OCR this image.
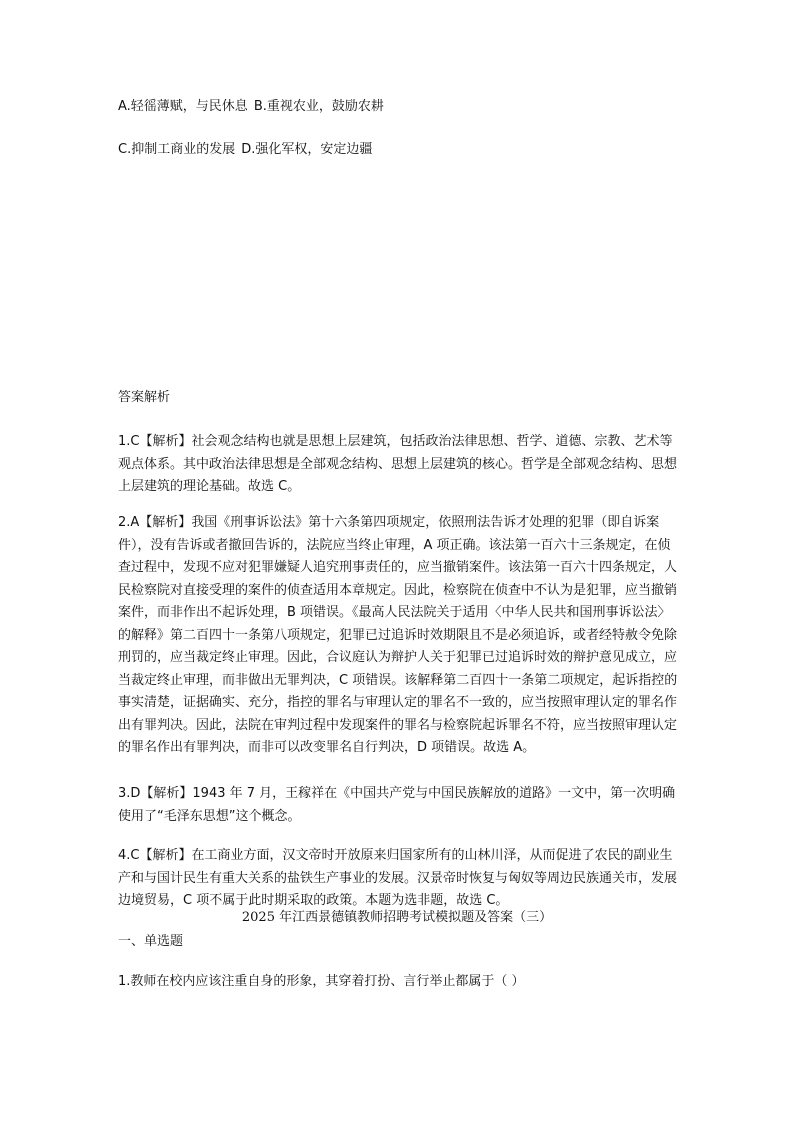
A.轻徭薄赋，与民休息 B.重视农业，鼓励农耕

C.抑制工商业的发展 D.强化军权，安定边疆

答案解析

1.C【解析】社会观念结构也就是思想上层建筑，包括政治法律思想、哲学、道德、宗教、艺术等观点体系。其中政治法律思想是全部观念结构、思想上层建筑的核心。哲学是全部观念结构、思想上层建筑的理论基础。故选 C。

2.A【解析】我国《刑事诉讼法》第十六条第四项规定，依照刑法告诉才处理的犯罪（即自诉案件），没有告诉或者撤回告诉的，法院应当终止审理，A 项正确。该法第一百六十三条规定，在侦查过程中，发现不应对犯罪嫌疑人追究刑事责任的，应当撤销案件。该法第一百六十四条规定，人民检察院对直接受理的案件的侦查适用本章规定。因此，检察院在侦查中不认为是犯罪，应当撤销案件，而非作出不起诉处理，B 项错误。《最高人民法院关于适用〈中华人民共和国刑事诉讼法〉的解释》第二百四十一条第八项规定，犯罪已过追诉时效期限且不是必须追诉，或者经特赦令免除刑罚的，应当裁定终止审理。因此，合议庭认为辩护人关于犯罪已过追诉时效的辩护意见成立，应当裁定终止审理，而非做出无罪判决，C 项错误。该解释第二百四十一条第二项规定，起诉指控的事实清楚，证据确实、充分，指控的罪名与审理认定的罪名不一致的，应当按照审理认定的罪名作出有罪判决。因此，法院在审判过程中发现案件的罪名与检察院起诉罪名不符，应当按照审理认定的罪名作出有罪判决，而非可以改变罪名自行判决，D 项错误。故选 A。

3.D【解析】1943 年 7 月，王稼祥在《中国共产党与中国民族解放的道路》一文中，第一次明确使用了“毛泽东思想”这个概念。

4.C【解析】在工商业方面，汉文帝时开放原来归国家所有的山林川泽，从而促进了农民的副业生产和与国计民生有重大关系的盐铁生产事业的发展。汉景帝时恢复与匈奴等周边民族通关市，发展边境贸易，C 项不属于此时期采取的政策。本题为选非题，故选 C。

2025 年江西景德镇教师招聘考试模拟题及答案（三）

一、单选题

1.教师在校内应该注重自身的形象，其穿着打扮、言行举止都属于（ ）
